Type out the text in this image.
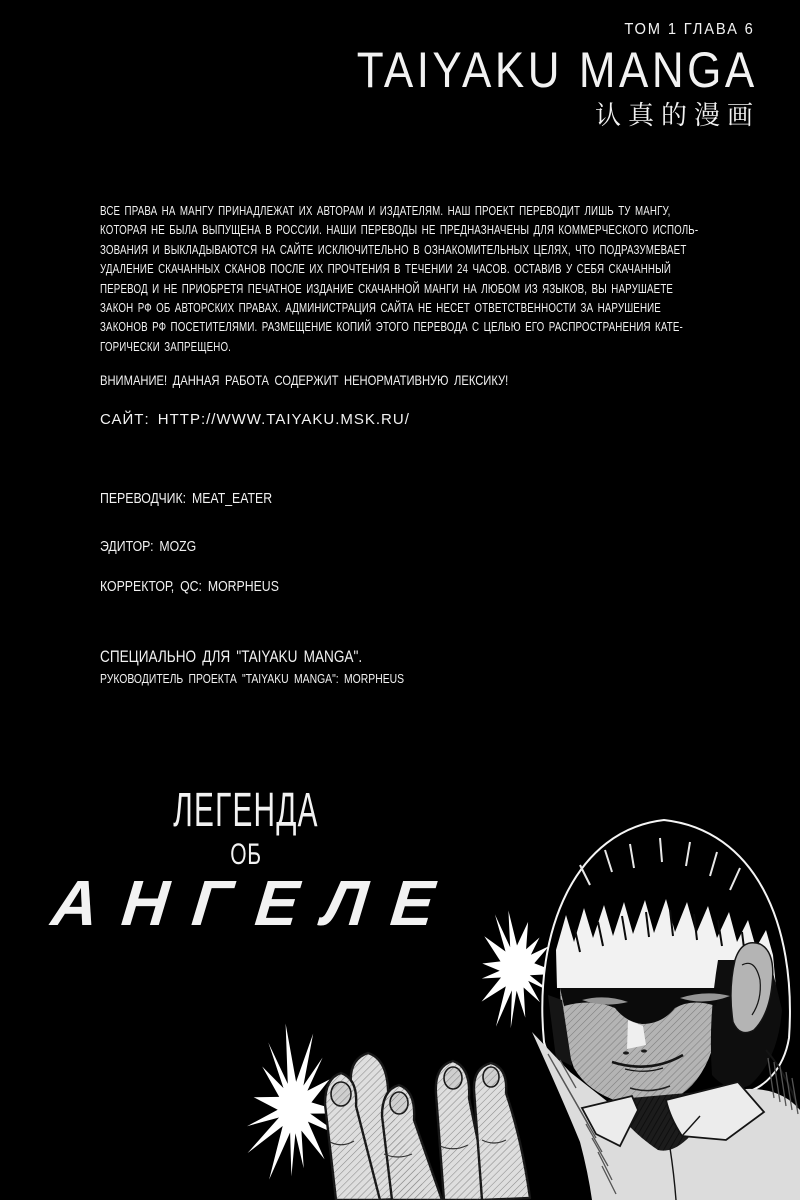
ТОМ 1 ГЛАВА 6
TAIYAKU MANGA
认真的漫画
ВСЕ ПРАВА НА МАНГУ ПРИНАДЛЕЖАТ ИХ АВТОРАМ И ИЗДАТЕЛЯМ. НАШ ПРОЕКТ ПЕРЕВОДИТ ЛИШЬ ТУ МАНГУ,
КОТОРАЯ НЕ БЫЛА ВЫПУЩЕНА В РОССИИ. НАШИ ПЕРЕВОДЫ НЕ ПРЕДНАЗНАЧЕНЫ ДЛЯ КОММЕРЧЕСКОГО ИСПОЛЬ-
ЗОВАНИЯ И ВЫКЛАДЫВАЮТСЯ НА САЙТЕ ИСКЛЮЧИТЕЛЬНО В ОЗНАКОМИТЕЛЬНЫХ ЦЕЛЯХ, ЧТО ПОДРАЗУМЕВАЕТ
УДАЛЕНИЕ СКАЧАННЫХ СКАНОВ ПОСЛЕ ИХ ПРОЧТЕНИЯ В ТЕЧЕНИИ 24 ЧАСОВ. ОСТАВИВ У СЕБЯ СКАЧАННЫЙ
ПЕРЕВОД И НЕ ПРИОБРЕТЯ ПЕЧАТНОЕ ИЗДАНИЕ СКАЧАННОЙ МАНГИ НА ЛЮБОМ ИЗ ЯЗЫКОВ, ВЫ НАРУШАЕТЕ
ЗАКОН РФ ОБ АВТОРСКИХ ПРАВАХ. АДМИНИСТРАЦИЯ САЙТА НЕ НЕСЕТ ОТВЕТСТВЕННОСТИ ЗА НАРУШЕНИЕ
ЗАКОНОВ РФ ПОСЕТИТЕЛЯМИ. РАЗМЕЩЕНИЕ КОПИЙ ЭТОГО ПЕРЕВОДА С ЦЕЛЬЮ ЕГО РАСПРОСТРАНЕНИЯ КАТЕ-
ГОРИЧЕСКИ ЗАПРЕЩЕНО.
ВНИМАНИЕ! ДАННАЯ РАБОТА СОДЕРЖИТ НЕНОРМАТИВНУЮ ЛЕКСИКУ!
САЙТ: HTTP://WWW.TAIYAKU.MSK.RU/
ПЕРЕВОДЧИК: MEAT_EATER
ЭДИТОР: MOZG
КОРРЕКТОР, QC: MORPHEUS
СПЕЦИАЛЬНО ДЛЯ "TAIYAKU MANGA".
РУКОВОДИТЕЛЬ ПРОЕКТА "TAIYAKU MANGA": MORPHEUS
ЛЕГЕНДА
ОБ
АНГЕЛЕ
